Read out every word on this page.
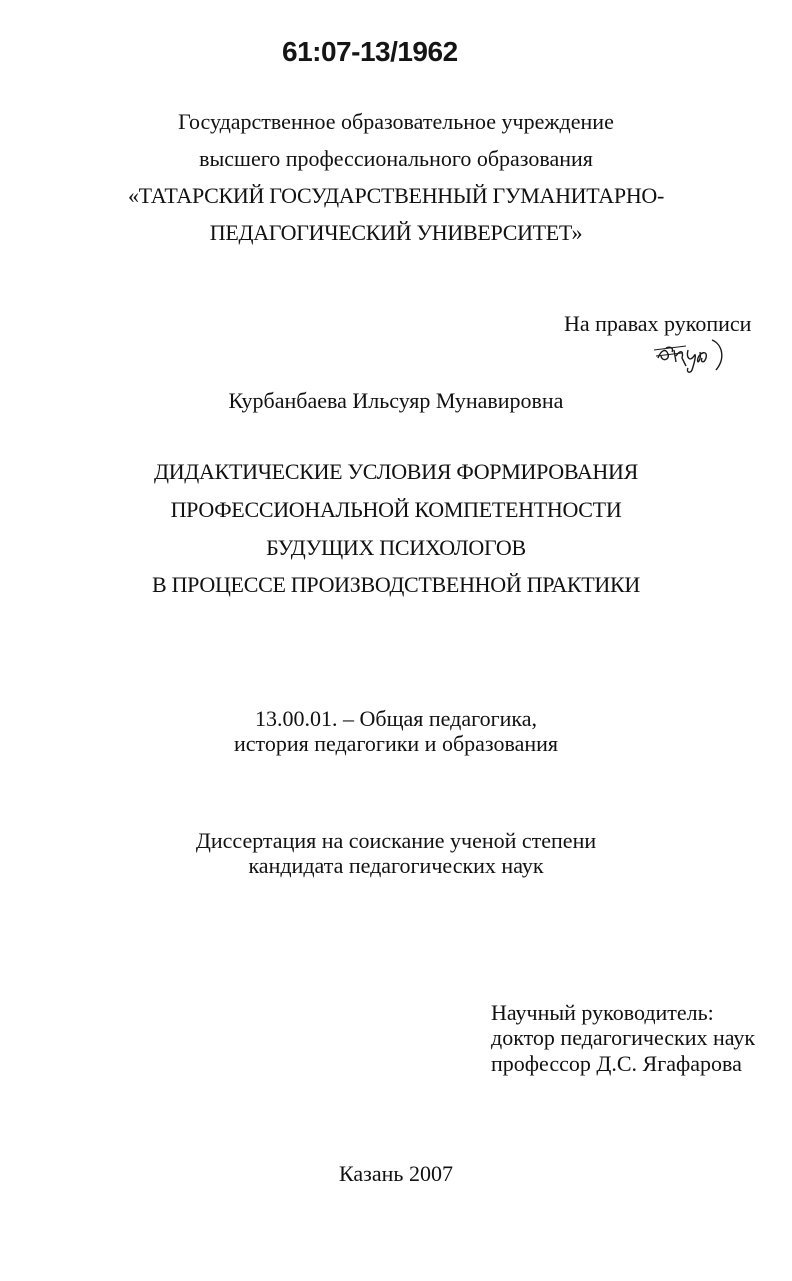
61:07-13/1962
Государственное образовательное учреждение
высшего профессионального образования
«ТАТАРСКИЙ ГОСУДАРСТВЕННЫЙ ГУМАНИТАРНО-
ПЕДАГОГИЧЕСКИЙ УНИВЕРСИТЕТ»
На правах рукописи
Курбанбаева Ильсуяр Мунавировна
ДИДАКТИЧЕСКИЕ УСЛОВИЯ ФОРМИРОВАНИЯ
ПРОФЕССИОНАЛЬНОЙ КОМПЕТЕНТНОСТИ
БУДУЩИХ ПСИХОЛОГОВ
В ПРОЦЕССЕ ПРОИЗВОДСТВЕННОЙ ПРАКТИКИ
13.00.01. – Общая педагогика,
история педагогики и образования
Диссертация на соискание ученой степени
кандидата педагогических наук
Научный руководитель:
доктор педагогических наук
профессор Д.С. Ягафарова
Казань 2007
